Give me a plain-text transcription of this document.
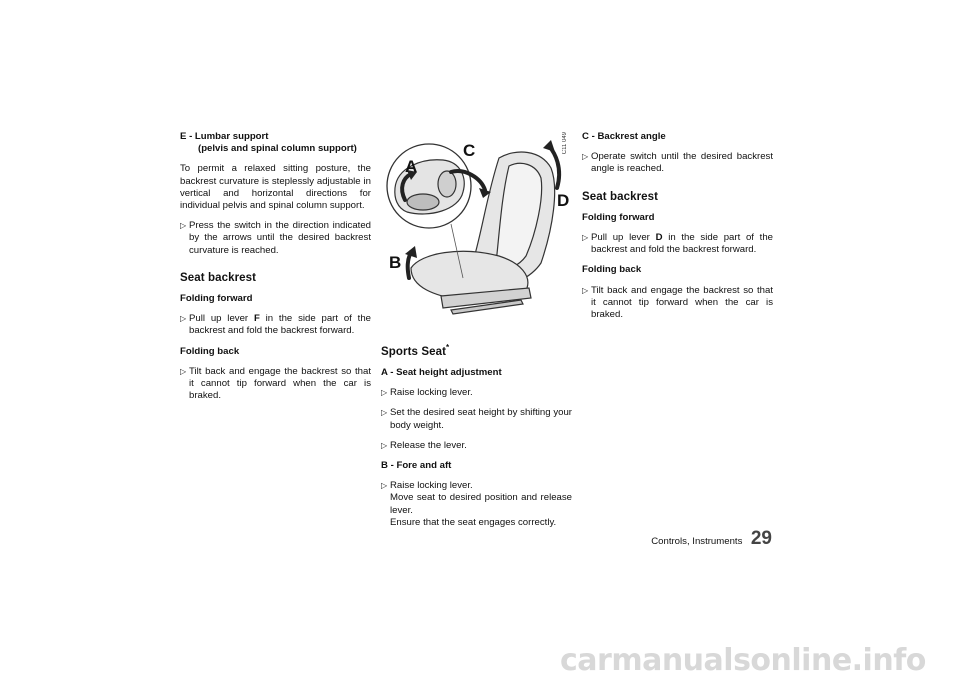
E - Lumbar support
(pelvis and spinal column support)

To permit a relaxed sitting posture, the backrest curvature is steplessly adjustable in vertical and horizontal directions for individual pelvis and spinal column support.

▷ Press the switch in the direction indicated by the arrows until the desired backrest curvature is reached.
Seat backrest
Folding forward
▷ Pull up lever F in the side part of the backrest and fold the backrest forward.
Folding back
▷ Tilt back and engage the backrest so that it cannot tip forward when the car is braked.
A
C
B
D
C11 049
Sports Seat*
A - Seat height adjustment
▷ Raise locking lever.
▷ Set the desired seat height by shifting your body weight.
▷ Release the lever.
B - Fore and aft
▷ Raise locking lever.
Move seat to desired position and release lever.
Ensure that the seat engages correctly.
C - Backrest angle
▷ Operate switch until the desired backrest angle is reached.
Seat backrest
Folding forward
▷ Pull up lever D in the side part of the backrest and fold the backrest forward.
Folding back
▷ Tilt back and engage the backrest so that it cannot tip forward when the car is braked.
Controls, Instruments 29
carmanualsonline.info
